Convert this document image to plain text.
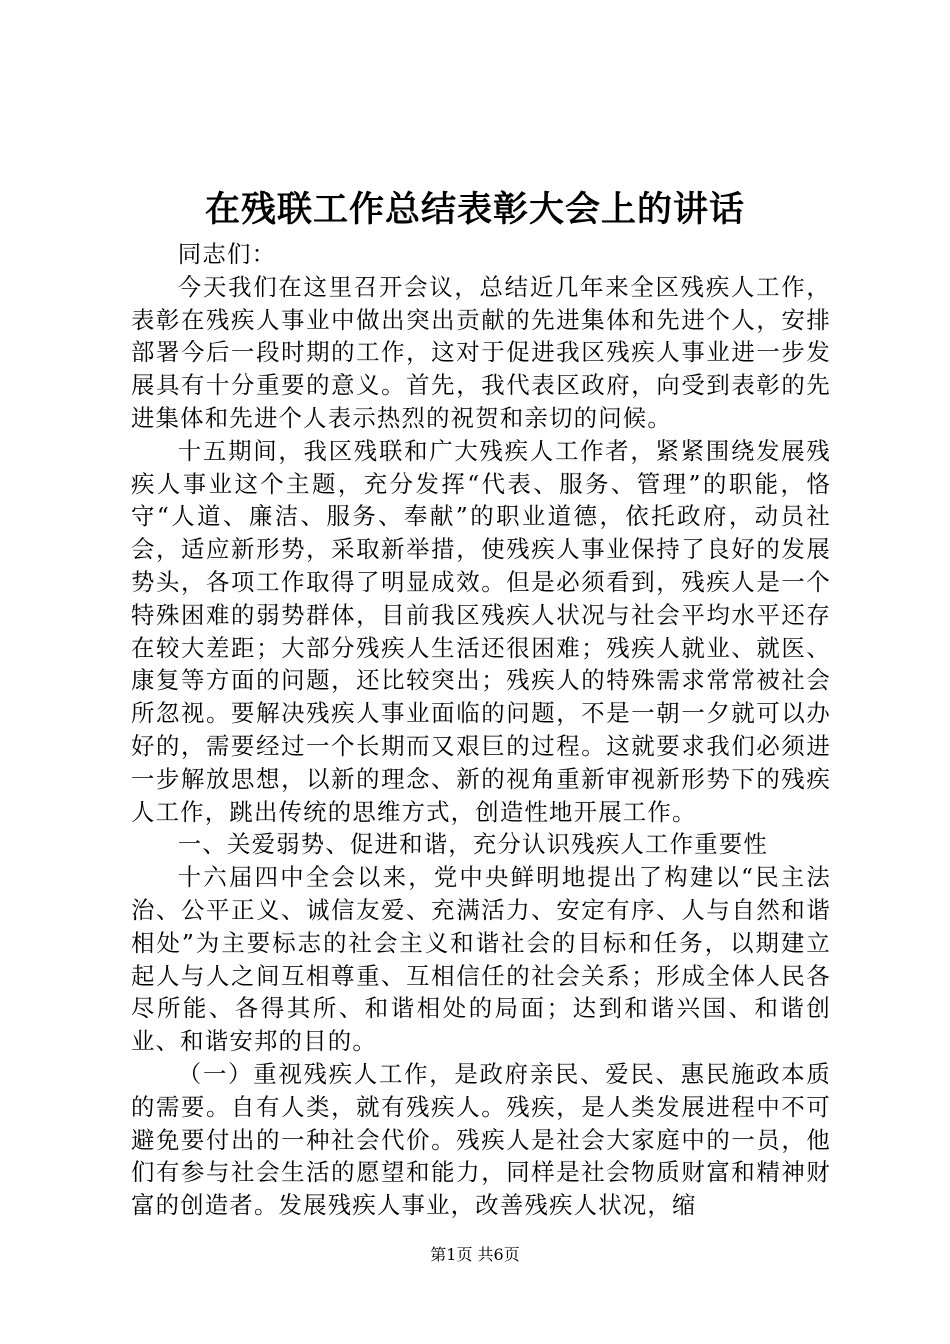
在残联工作总结表彰大会上的讲话

同志们：

今天我们在这里召开会议，总结近几年来全区残疾人工作，表彰在残疾人事业中做出突出贡献的先进集体和先进个人，安排部署今后一段时期的工作，这对于促进我区残疾人事业进一步发展具有十分重要的意义。首先，我代表区政府，向受到表彰的先进集体和先进个人表示热烈的祝贺和亲切的问候。

十五期间，我区残联和广大残疾人工作者，紧紧围绕发展残疾人事业这个主题，充分发挥“代表、服务、管理”的职能，恪守“人道、廉洁、服务、奉献”的职业道德，依托政府，动员社会，适应新形势，采取新举措，使残疾人事业保持了良好的发展势头，各项工作取得了明显成效。但是必须看到，残疾人是一个特殊困难的弱势群体，目前我区残疾人状况与社会平均水平还存在较大差距；大部分残疾人生活还很困难；残疾人就业、就医、康复等方面的问题，还比较突出；残疾人的特殊需求常常被社会所忽视。要解决残疾人事业面临的问题，不是一朝一夕就可以办好的，需要经过一个长期而又艰巨的过程。这就要求我们必须进一步解放思想，以新的理念、新的视角重新审视新形势下的残疾人工作，跳出传统的思维方式，创造性地开展工作。

一、关爱弱势、促进和谐，充分认识残疾人工作重要性

十六届四中全会以来，党中央鲜明地提出了构建以“民主法治、公平正义、诚信友爱、充满活力、安定有序、人与自然和谐相处”为主要标志的社会主义和谐社会的目标和任务，以期建立起人与人之间互相尊重、互相信任的社会关系；形成全体人民各尽所能、各得其所、和谐相处的局面；达到和谐兴国、和谐创业、和谐安邦的目的。

（一）重视残疾人工作，是政府亲民、爱民、惠民施政本质的需要。自有人类，就有残疾人。残疾，是人类发展进程中不可避免要付出的一种社会代价。残疾人是社会大家庭中的一员，他们有参与社会生活的愿望和能力，同样是社会物质财富和精神财富的创造者。发展残疾人事业，改善残疾人状况，缩

第1页 共6页
